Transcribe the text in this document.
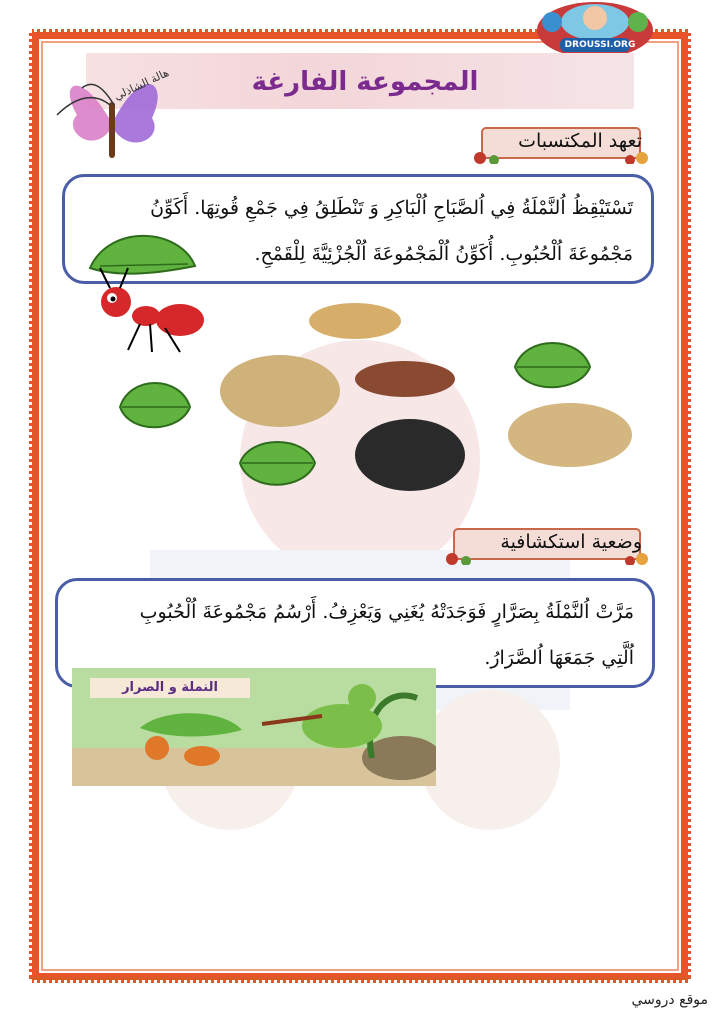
DROUSSI.ORG
المجموعة الفارغة
هالة الشاذلي
تعهد المكتسبات

تَسْتَيْقِظُ اُلنَّمْلَةُ فِي اُلصَّبَاحِ اُلْبَاكِرِ وَ تَنْطَلِقُ فِي جَمْعِ قُوتِهَا. أَكَوِّنُ

مَجْمُوعَةَ اُلْحُبُوبِ. أُكَوِّنُ اُلْمَجْمُوعَةَ اُلْجُزْئِيَّةَ لِلْقَمْحِ.

وضعية استكشافية

مَرَّتْ اُلنَّمْلَةُ بِصَرَّارٍ فَوَجَدَتْهُ يُغَنِي وَيَعْزِفُ. أَرْسُمُ مَجْمُوعَةَ اُلْحُبُوبِ

اُلَّتِي جَمَعَهَا اُلصَّرَارُ.

النملة و الصرار
موقع دروسي
